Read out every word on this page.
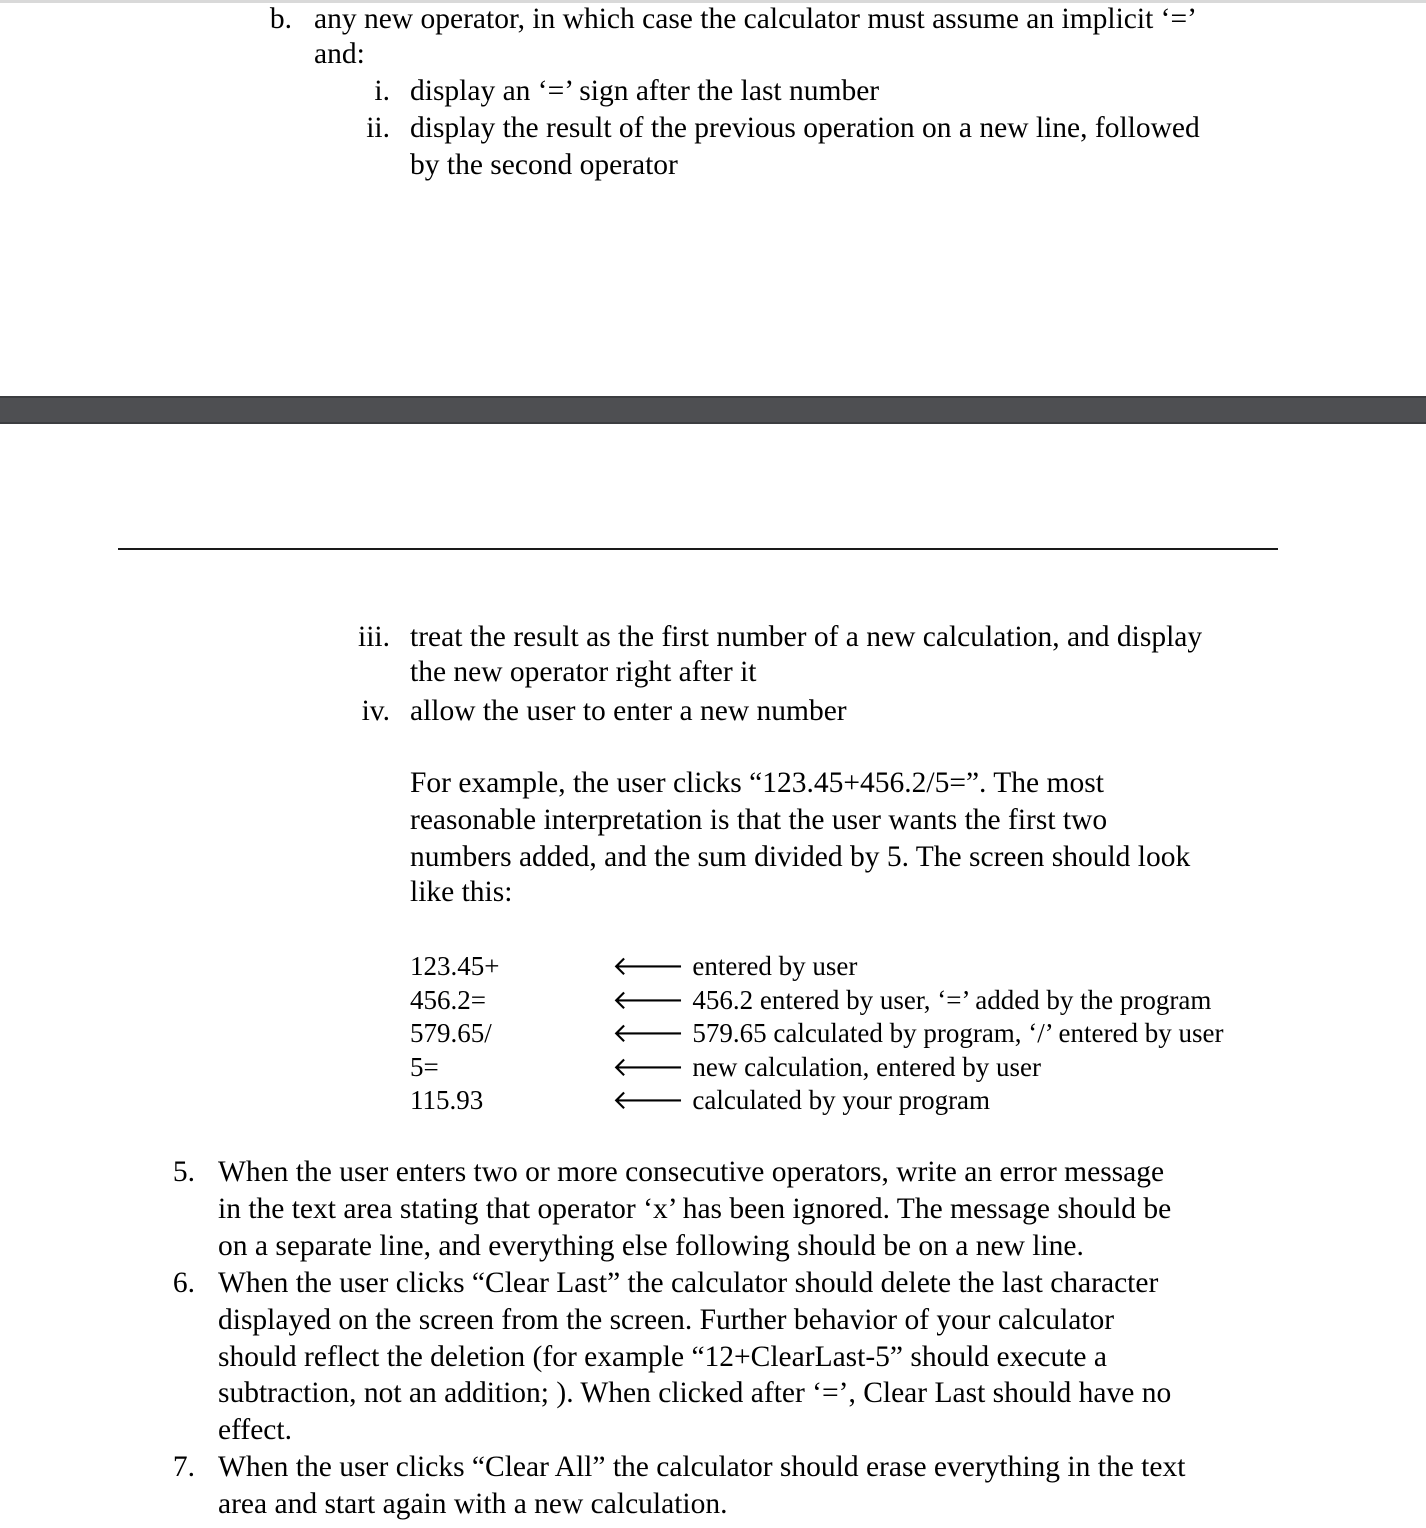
b. any new operator, in which case the calculator must assume an implicit ‘=’
and:
i. display an ‘=’ sign after the last number
ii. display the result of the previous operation on a new line, followed
by the second operator
iii. treat the result as the first number of a new calculation, and display
the new operator right after it
iv. allow the user to enter a new number
For example, the user clicks “123.45+456.2/5=”. The most
reasonable interpretation is that the user wants the first two
numbers added, and the sum divided by 5. The screen should look
like this:
123.45+	🡐 entered by user
456.2=	🡐 456.2 entered by user, ‘=’ added by the program
579.65/	🡐 579.65 calculated by program, ‘/’ entered by user
5=	🡐 new calculation, entered by user
115.93	🡐 calculated by your program
5. When the user enters two or more consecutive operators, write an error message
in the text area stating that operator ‘x’ has been ignored. The message should be
on a separate line, and everything else following should be on a new line.
6. When the user clicks “Clear Last” the calculator should delete the last character
displayed on the screen from the screen. Further behavior of your calculator
should reflect the deletion (for example “12+ClearLast-5” should execute a
subtraction, not an addition; ). When clicked after ‘=’, Clear Last should have no
effect.
7. When the user clicks “Clear All” the calculator should erase everything in the text
area and start again with a new calculation.
